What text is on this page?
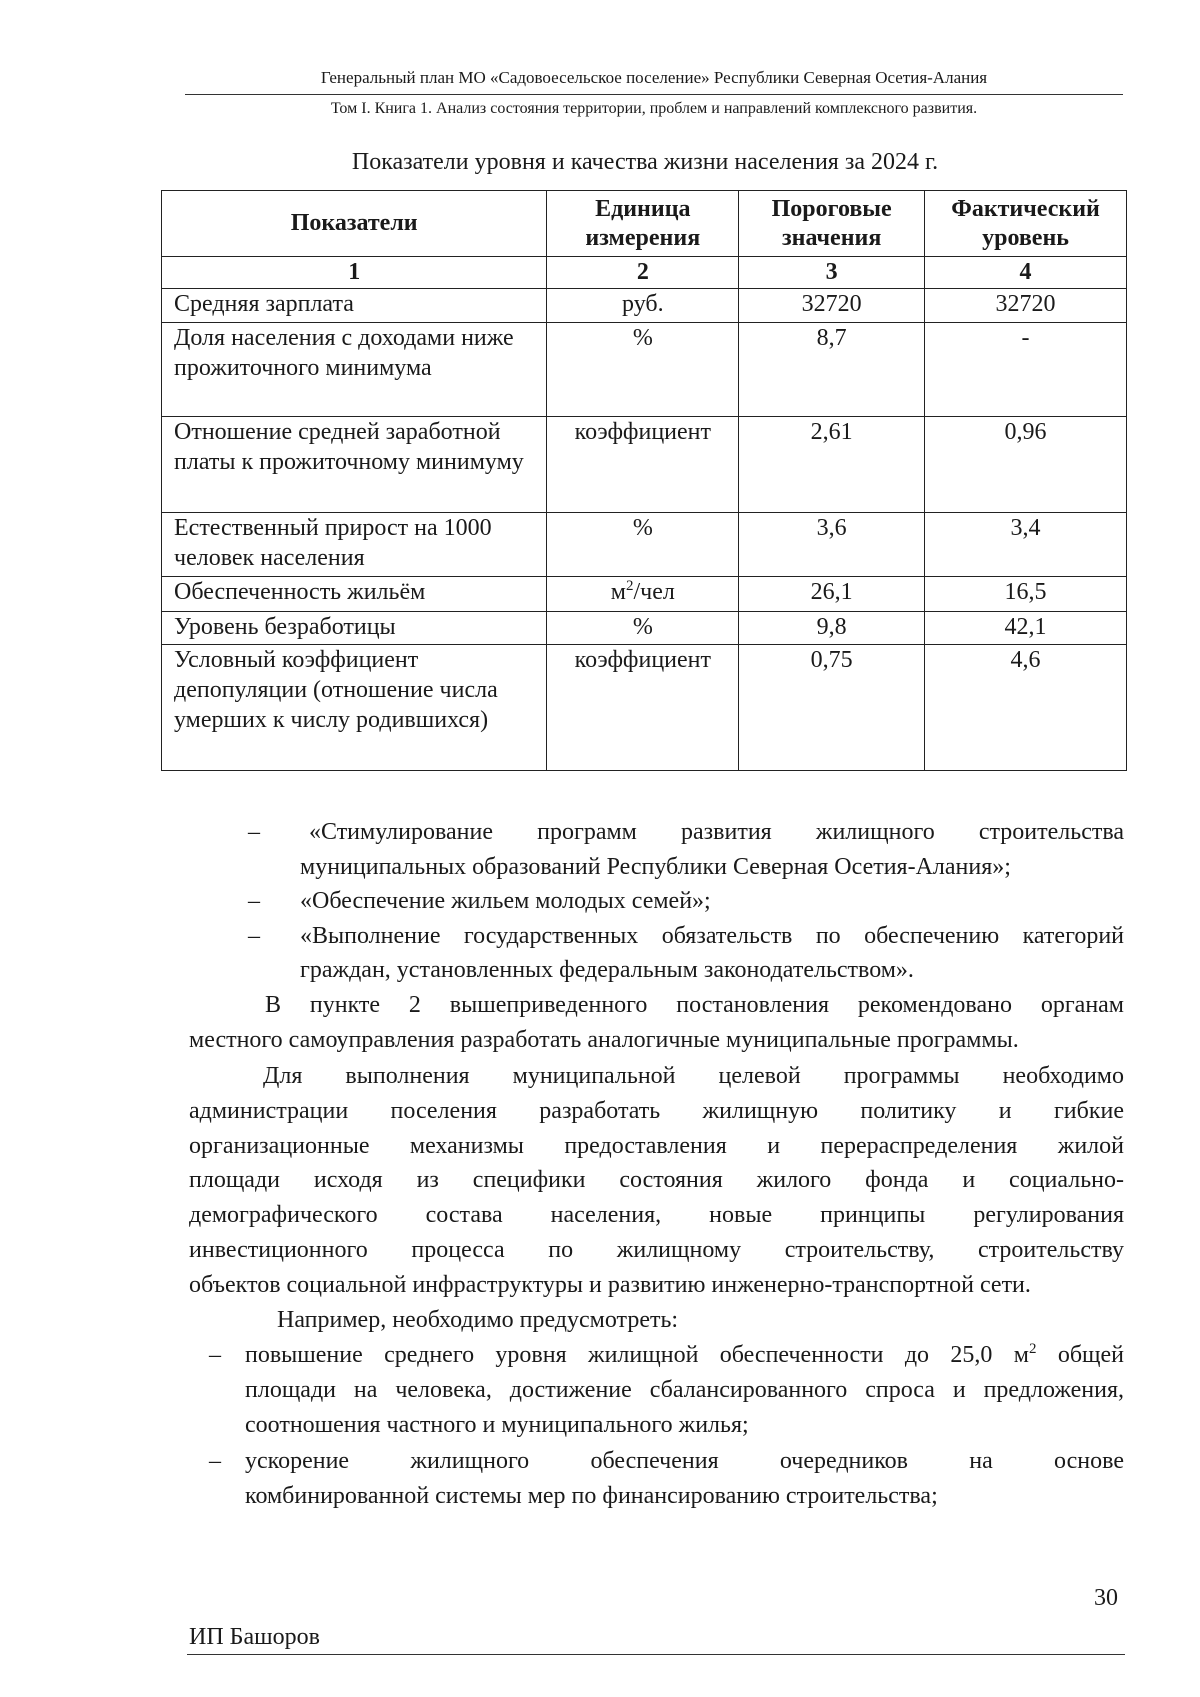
Генеральный план МО «Садовоесельское поселение» Республики Северная Осетия-Алания
Том I. Книга 1. Анализ состояния территории, проблем и направлений комплексного развития.
Показатели уровня и качества жизни населения за 2024 г.
Показатели	Единица измерения	Пороговые значения	Фактический уровень
1	2	3	4
Средняя зарплата	руб.	32720	32720
Доля населения с доходами ниже прожиточного минимума	%	8,7	-
Отношение средней заработной платы к прожиточному минимуму	коэффициент	2,61	0,96
Естественный прирост на 1000 человек населения	%	3,6	3,4
Обеспеченность жильём	$м^2$/чел	26,1	16,5
Уровень безработицы	%	9,8	42,1
Условный коэффициент депопуляции (отношение числа умерших к числу родившихся)	коэффициент	0,75	4,6
– «Стимулирование программ развития жилищного строительства
муниципальных образований Республики Северная Осетия-Алания»;
– «Обеспечение жильем молодых семей»;
– «Выполнение государственных обязательств по обеспечению категорий
граждан, установленных федеральным законодательством».
В пункте 2 вышеприведенного постановления рекомендовано органам
местного самоуправления разработать аналогичные муниципальные программы.
Для выполнения муниципальной целевой программы необходимо
администрации поселения разработать жилищную политику и гибкие
организационные механизмы предоставления и перераспределения жилой
площади исходя из специфики состояния жилого фонда и социально-
демографического состава населения, новые принципы регулирования
инвестиционного процесса по жилищному строительству, строительству
объектов социальной инфраструктуры и развитию инженерно-транспортной сети.
Например, необходимо предусмотреть:
– повышение среднего уровня жилищной обеспеченности до 25,0 $м^2$ общей
площади на человека, достижение сбалансированного спроса и предложения,
соотношения частного и муниципального жилья;
– ускорение жилищного обеспечения очередников на основе
комбинированной системы мер по финансированию строительства;
30
ИП Башоров
